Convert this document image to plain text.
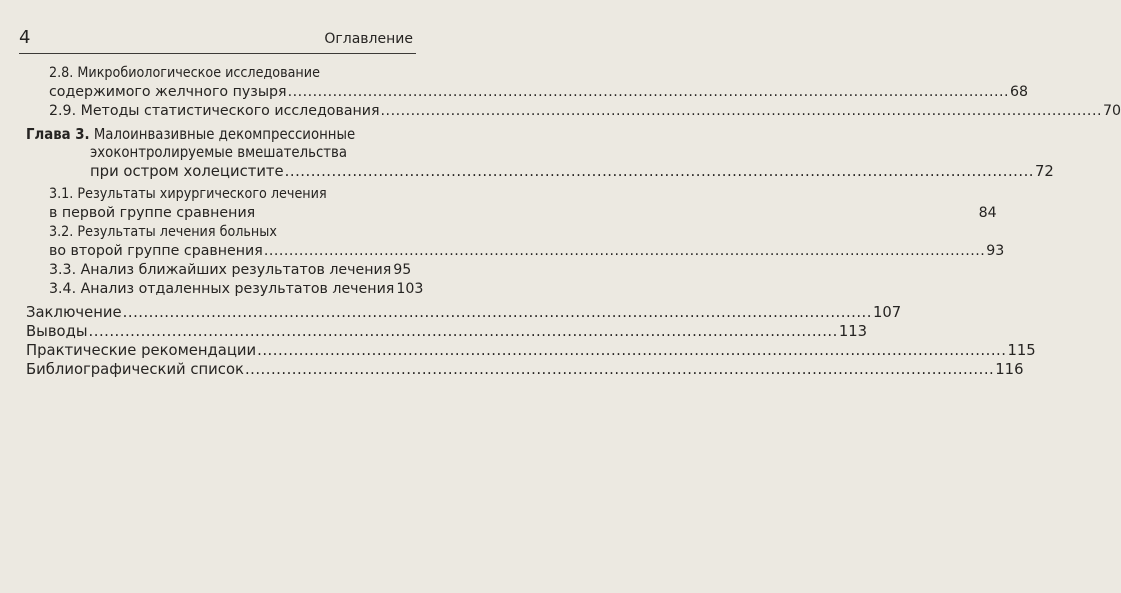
4	Оглавление
2.8. Микробиологическое исследование
содержимого желчного пузыря .....	68
2.9. Методы статистического исследования .....	70
Глава 3. Малоинвазивные декомпрессионные
эхоконтролируемые вмешательства
при остром холецистите .....	72
3.1. Результаты хирургического лечения
в первой группе сравнения	84
3.2. Результаты лечения больных
во второй группе сравнения .....	93
3.3. Анализ ближайших результатов лечения 95
3.4. Анализ отдаленных результатов лечения 103
Заключение .....	107
Выводы .....	113
Практические рекомендации .....	115
Библиографический список .....	116
